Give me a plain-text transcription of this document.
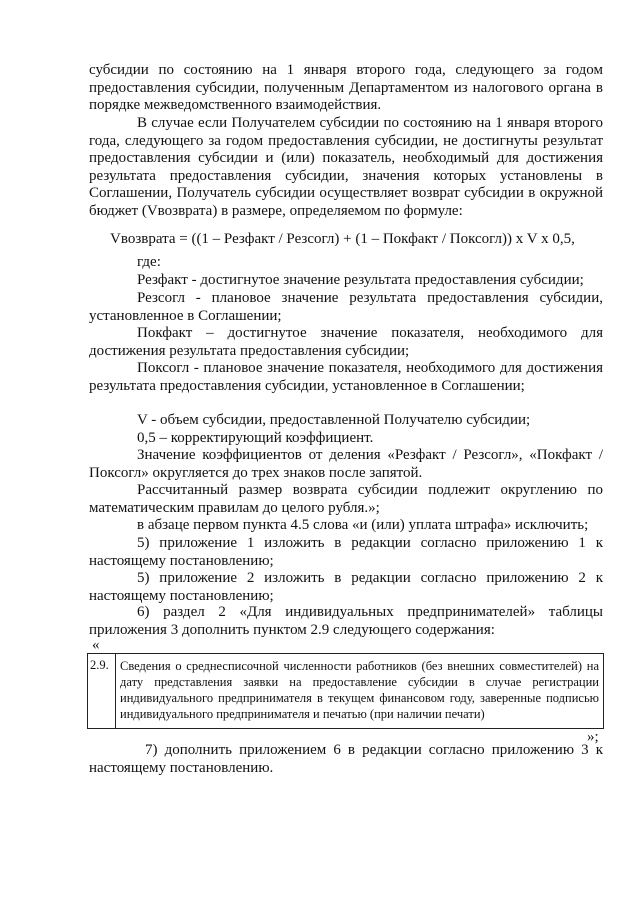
субсидии по состоянию на 1 января второго года, следующего за годом предоставления субсидии, полученным Департаментом из налогового органа в порядке межведомственного взаимодействия.

В случае если Получателем субсидии по состоянию на 1 января второго года, следующего за годом предоставления субсидии, не достигнуты результат предоставления субсидии и (или) показатель, необходимый для достижения результата предоставления субсидии, значения которых установлены в Соглашении, Получатель субсидии осуществляет возврат субсидии в окружной бюджет (Vвозврата) в размере, определяемом по формуле:

Vвозврата = ((1 – Резфакт / Резсогл) + (1 – Покфакт / Поксогл)) x V x 0,5,

где:

Резфакт - достигнутое значение результата предоставления субсидии;

Резсогл - плановое значение результата предоставления субсидии, установленное в Соглашении;

Покфакт – достигнутое значение показателя, необходимого для достижения результата предоставления субсидии;

Поксогл - плановое значение показателя, необходимого для достижения результата предоставления субсидии, установленное в Соглашении;

V - объем субсидии, предоставленной Получателю субсидии;

0,5 – корректирующий коэффициент.

Значение коэффициентов от деления «Резфакт / Резсогл», «Покфакт / Поксогл» округляется до трех знаков после запятой.

Рассчитанный размер возврата субсидии подлежит округлению по математическим правилам до целого рубля.»;

в абзаце первом пункта 4.5 слова «и (или) уплата штрафа» исключить;

5) приложение 1 изложить в редакции согласно приложению 1 к настоящему постановлению;

5) приложение 2 изложить в редакции согласно приложению 2 к настоящему постановлению;

6) раздел 2 «Для индивидуальных предпринимателей» таблицы приложения 3 дополнить пунктом 2.9 следующего содержания:

«

2.9.	Сведения о среднесписочной численности работников (без внешних совместителей) на дату представления заявки на предоставление субсидии в случае регистрации индивидуального предпринимателя в текущем финансовом году, заверенные подписью индивидуального предпринимателя и печатью (при наличии печати)

»;

7) дополнить приложением 6 в редакции согласно приложению 3 к настоящему постановлению.
